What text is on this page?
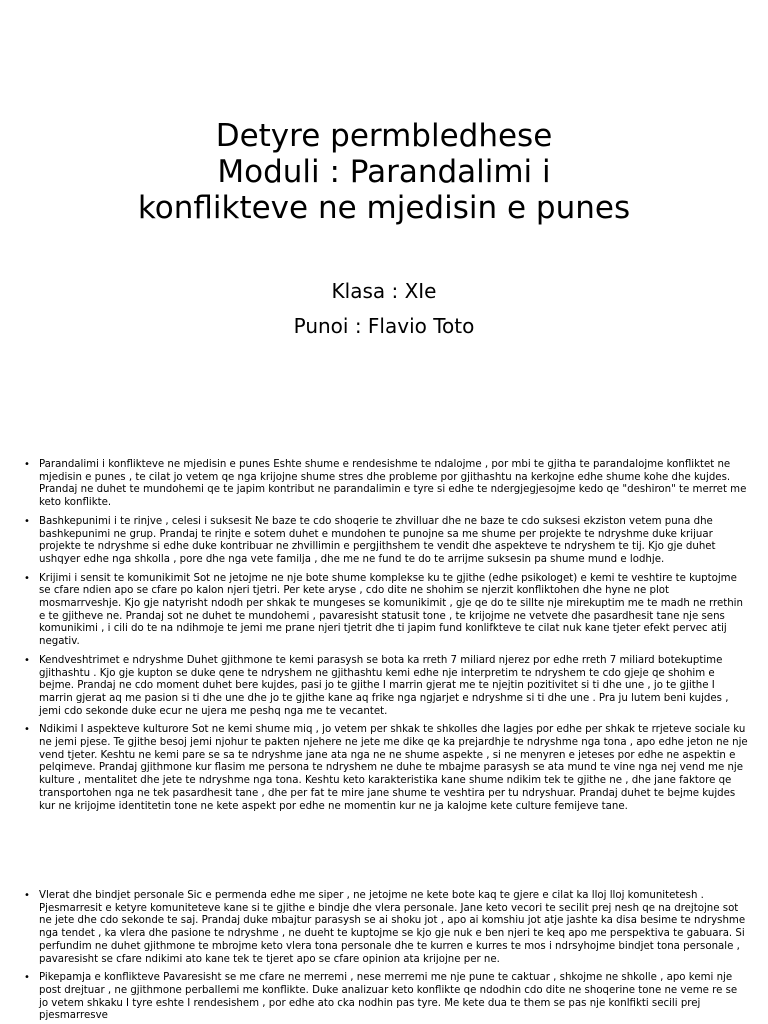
Detyre permbledhese
Moduli : Parandalimi i
konflikteve ne mjedisin e punes

Klasa : XIe

Punoi : Flavio Toto

• Parandalimi i konflikteve ne mjedisin e punes Eshte shume e rendesishme te ndalojme , por mbi te gjitha te parandalojme konfliktet ne mjedisin e punes , te cilat jo vetem qe nga krijojne shume stres dhe probleme por gjithashtu na kerkojne edhe shume kohe dhe kujdes. Prandaj ne duhet te mundohemi qe te japim kontribut ne parandalimin e tyre si edhe te ndergjegjesojme kedo qe "deshiron" te merret me keto konflikte.
• Bashkepunimi i te rinjve , celesi i suksesit Ne baze te cdo shoqerie te zhvilluar dhe ne baze te cdo suksesi ekziston vetem puna dhe bashkepunimi ne grup. Prandaj te rinjte e sotem duhet e mundohen te punojne sa me shume per projekte te ndryshme duke krijuar projekte te ndryshme si edhe duke kontribuar ne zhvillimin e pergjithshem te vendit dhe aspekteve te ndryshem te tij. Kjo gje duhet ushqyer edhe nga shkolla , pore dhe nga vete familja , dhe me ne fund te do te arrijme suksesin pa shume mund e lodhje.
• Krijimi i sensit te komunikimit Sot ne jetojme ne nje bote shume komplekse ku te gjithe (edhe psikologet) e kemi te veshtire te kuptojme se cfare ndien apo se cfare po kalon njeri tjetri. Per kete aryse , cdo dite ne shohim se njerzit konfliktohen dhe hyne ne plot mosmarrveshje. Kjo gje natyrisht ndodh per shkak te mungeses se komunikimit , gje qe do te sillte nje mirekuptim me te madh ne rrethin e te gjitheve ne. Prandaj sot ne duhet te mundohemi , pavaresisht statusit tone , te krijojme ne vetvete dhe pasardhesit tane nje sens komunikimi , i cili do te na ndihmoje te jemi me prane njeri tjetrit dhe ti japim fund konlifkteve te cilat nuk kane tjeter efekt pervec atij negativ.
• Kendveshtrimet e ndryshme Duhet gjithmone te kemi parasysh se bota ka rreth 7 miliard njerez por edhe rreth 7 miliard botekuptime gjithashtu . Kjo gje kupton se duke qene te ndryshem ne gjithashtu kemi edhe nje interpretim te ndryshem te cdo gjeje qe shohim e bejme. Prandaj ne cdo moment duhet bere kujdes, pasi jo te gjithe I marrin gjerat me te njejtin pozitivitet si ti dhe une , jo te gjithe I marrin gjerat aq me pasion si ti dhe une dhe jo te gjithe kane aq frike nga ngjarjet e ndryshme si ti dhe une . Pra ju lutem beni kujdes , jemi cdo sekonde duke ecur ne ujera me peshq nga me te vecantet.
• Ndikimi I aspekteve kulturore Sot ne kemi shume miq , jo vetem per shkak te shkolles dhe lagjes por edhe per shkak te rrjeteve sociale ku ne jemi pjese. Te gjithe besoj jemi njohur te pakten njehere ne jete me dike qe ka prejardhje te ndryshme nga tona , apo edhe jeton ne nje vend tjeter. Keshtu ne kemi pare se sa te ndryshme jane ata nga ne ne shume aspekte , si ne menyren e jeteses por edhe ne aspektin e pelqimeve. Prandaj gjithmone kur flasim me persona te ndryshem ne duhe te mbajme parasysh se ata mund te vine nga nej vend me nje kulture , mentalitet dhe jete te ndryshme nga tona. Keshtu keto karakteristika kane shume ndikim tek te gjithe ne , dhe jane faktore qe transportohen nga ne tek pasardhesit tane , dhe per fat te mire jane shume te veshtira per tu ndryshuar. Prandaj duhet te bejme kujdes kur ne krijojme identitetin tone ne kete aspekt por edhe ne momentin kur ne ja kalojme kete culture femijeve tane.
• Vlerat dhe bindjet personale Sic e permenda edhe me siper , ne jetojme ne kete bote kaq te gjere e cilat ka lloj lloj komunitetesh . Pjesmarresit e ketyre komuniteteve kane si te gjithe e bindje dhe vlera personale. Jane keto vecori te secilit prej nesh qe na drejtojne sot ne jete dhe cdo sekonde te saj. Prandaj duke mbajtur parasysh se ai shoku jot , apo ai komshiu jot atje jashte ka disa besime te ndryshme nga tendet , ka vlera dhe pasione te ndryshme , ne dueht te kuptojme se kjo gje nuk e ben njeri te keq apo me perspektiva te gabuara. Si perfundim ne duhet gjithmone te mbrojme keto vlera tona personale dhe te kurren e kurres te mos i ndrsyhojme bindjet tona personale , pavaresisht se cfare ndikimi ato kane tek te tjeret apo se cfare opinion ata krijojne per ne.
• Pikepamja e konflikteve Pavaresisht se me cfare ne merremi , nese merremi me nje pune te caktuar , shkojme ne shkolle , apo kemi nje post drejtuar , ne gjithmone perballemi me konflikte. Duke analizuar keto konflikte qe ndodhin cdo dite ne shoqerine tone ne veme re se jo vetem shkaku I tyre eshte I rendesishem , por edhe ato cka nodhin pas tyre. Me kete dua te them se pas nje konlfikti secili prej pjesmarresve
